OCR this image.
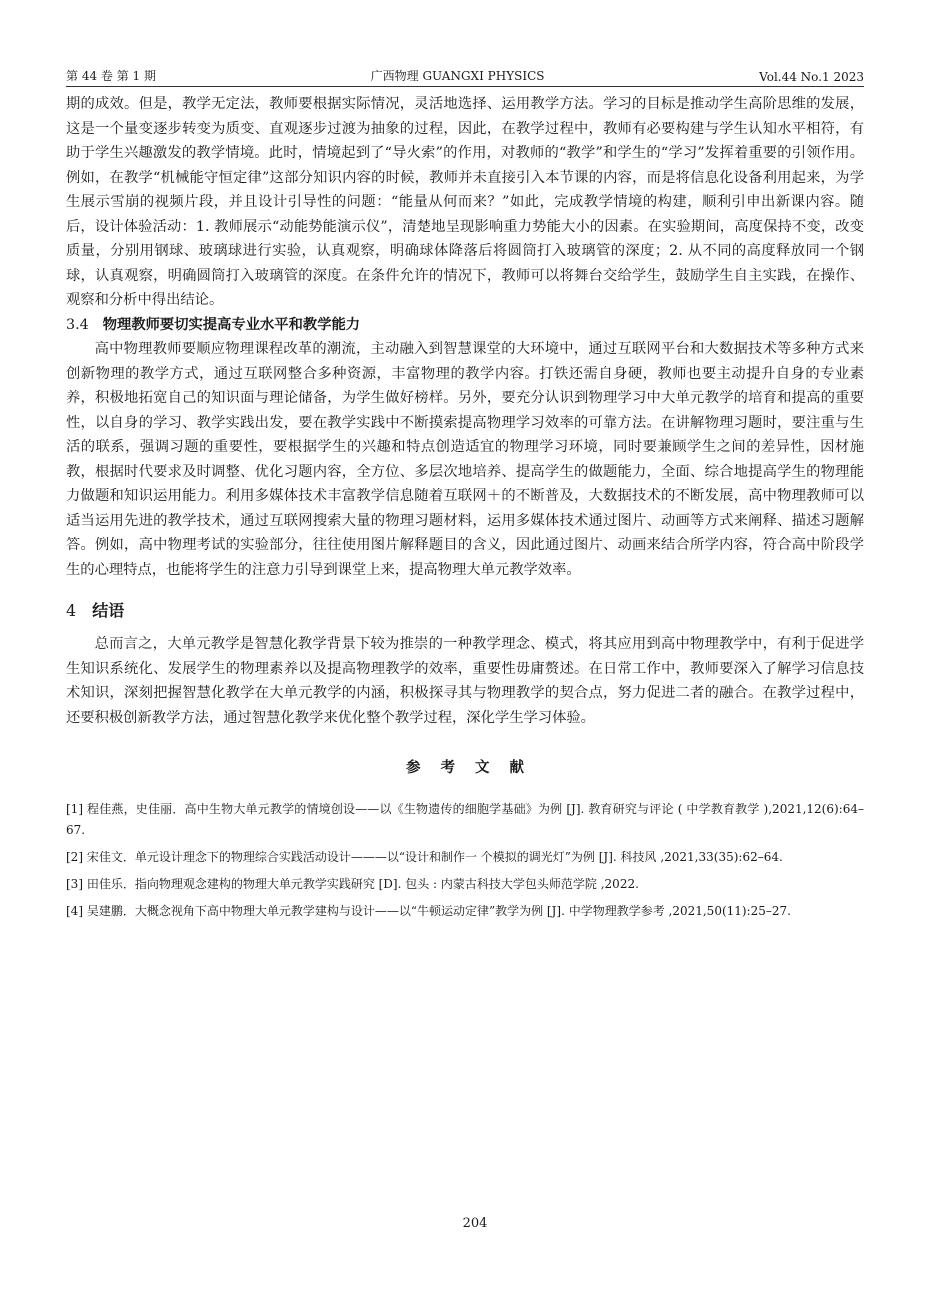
第 44 卷 第 1 期	广西物理 GUANGXI PHYSICS	Vol.44 No.1 2023

期的成效。但是，教学无定法，教师要根据实际情况，灵活地选择、运用教学方法。学习的目标是推动学生高阶思维的发展，这是一个量变逐步转变为质变、直观逐步过渡为抽象的过程，因此，在教学过程中，教师有必要构建与学生认知水平相符，有助于学生兴趣激发的教学情境。此时，情境起到了“导火索”的作用，对教师的“教学”和学生的“学习”发挥着重要的引领作用。例如，在教学“机械能守恒定律”这部分知识内容的时候，教师并未直接引入本节课的内容，而是将信息化设备利用起来，为学生展示雪崩的视频片段，并且设计引导性的问题：“能量从何而来？”如此，完成教学情境的构建，顺利引申出新课内容。随后，设计体验活动：1. 教师展示“动能势能演示仪”，清楚地呈现影响重力势能大小的因素。在实验期间，高度保持不变，改变质量，分别用钢球、玻璃球进行实验，认真观察，明确球体降落后将圆筒打入玻璃管的深度；2. 从不同的高度释放同一个钢球，认真观察，明确圆筒打入玻璃管的深度。在条件允许的情况下，教师可以将舞台交给学生，鼓励学生自主实践，在操作、观察和分析中得出结论。

3.4 物理教师要切实提高专业水平和教学能力

高中物理教师要顺应物理课程改革的潮流，主动融入到智慧课堂的大环境中，通过互联网平台和大数据技术等多种方式来创新物理的教学方式，通过互联网整合多种资源，丰富物理的教学内容。打铁还需自身硬，教师也要主动提升自身的专业素养，积极地拓宽自己的知识面与理论储备，为学生做好榜样。另外，要充分认识到物理学习中大单元教学的培育和提高的重要性，以自身的学习、教学实践出发，要在教学实践中不断摸索提高物理学习效率的可靠方法。在讲解物理习题时，要注重与生活的联系，强调习题的重要性，要根据学生的兴趣和特点创造适宜的物理学习环境，同时要兼顾学生之间的差异性，因材施教，根据时代要求及时调整、优化习题内容，全方位、多层次地培养、提高学生的做题能力，全面、综合地提高学生的物理能力做题和知识运用能力。利用多媒体技术丰富教学信息随着互联网＋的不断普及，大数据技术的不断发展，高中物理教师可以适当运用先进的教学技术，通过互联网搜索大量的物理习题材料，运用多媒体技术通过图片、动画等方式来阐释、描述习题解答。例如，高中物理考试的实验部分，往往使用图片解释题目的含义，因此通过图片、动画来结合所学内容，符合高中阶段学生的心理特点，也能将学生的注意力引导到课堂上来，提高物理大单元教学效率。

4 结语

总而言之，大单元教学是智慧化教学背景下较为推崇的一种教学理念、模式，将其应用到高中物理教学中，有利于促进学生知识系统化、发展学生的物理素养以及提高物理教学的效率，重要性毋庸赘述。在日常工作中，教师要深入了解学习信息技术知识，深刻把握智慧化教学在大单元教学的内涵，积极探寻其与物理教学的契合点，努力促进二者的融合。在教学过程中，还要积极创新教学方法，通过智慧化教学来优化整个教学过程，深化学生学习体验。

参考文献

[1] 程佳燕，史佳丽．高中生物大单元教学的情境创设——以《生物遗传的细胞学基础》为例 [J]. 教育研究与评论 ( 中学教育教学 ),2021,12(6):64–67.

[2] 宋佳文．单元设计理念下的物理综合实践活动设计———以“设计和制作一 个模拟的调光灯”为例 [J]. 科技风 ,2021,33(35):62–64.

[3] 田佳乐．指向物理观念建构的物理大单元教学实践研究 [D]. 包头 : 内蒙古科技大学包头师范学院 ,2022.

[4] 吴建鹏．大概念视角下高中物理大单元教学建构与设计——以“牛顿运动定律”教学为例 [J]. 中学物理教学参考 ,2021,50(11):25–27.

204
